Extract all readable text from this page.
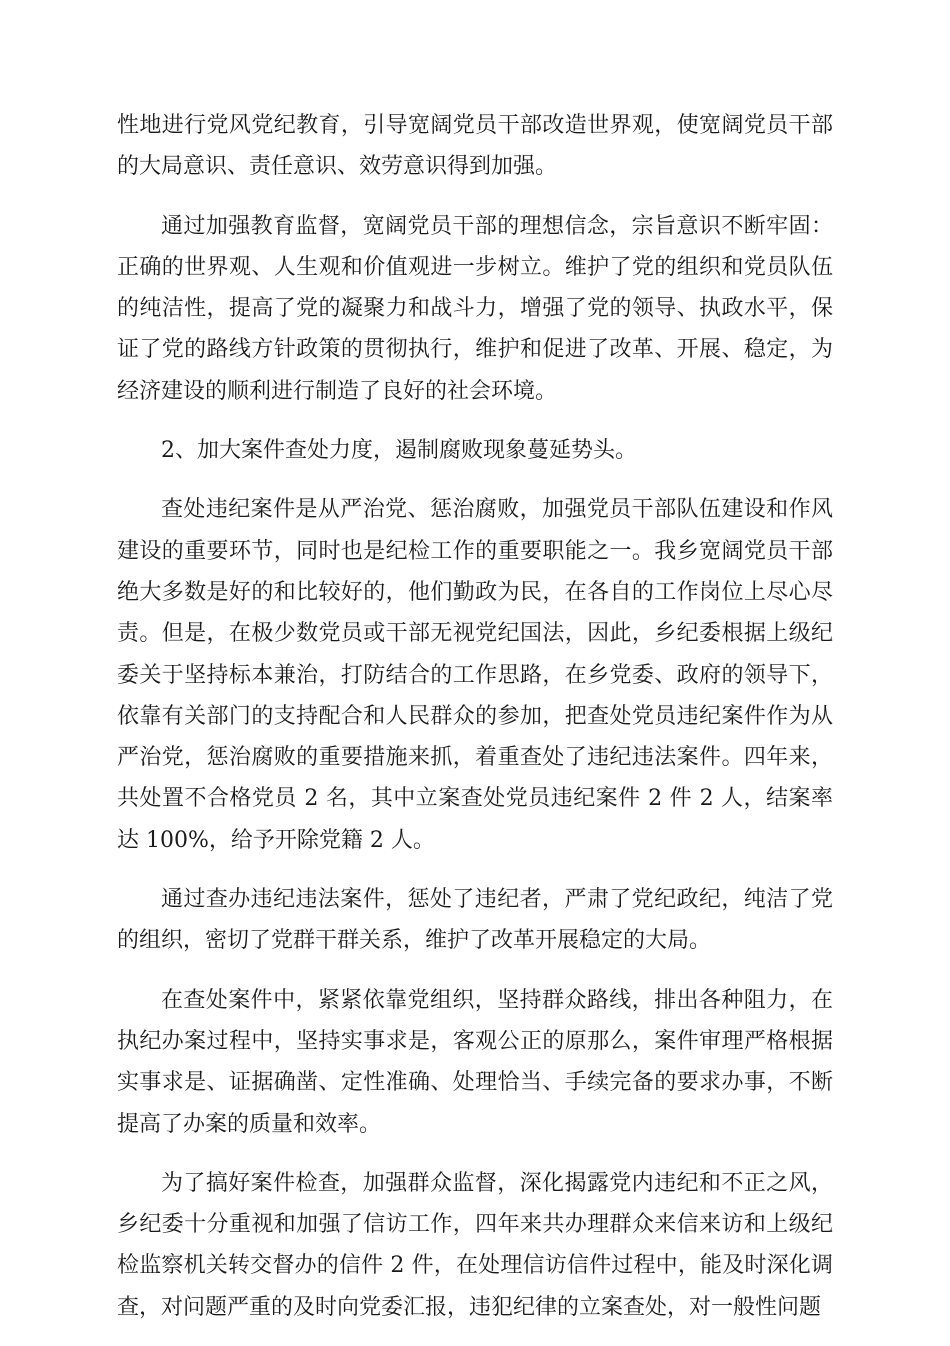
性地进行党风党纪教育，引导宽阔党员干部改造世界观，使宽阔党员干部的大局意识、责任意识、效劳意识得到加强。

通过加强教育监督，宽阔党员干部的理想信念，宗旨意识不断牢固：正确的世界观、人生观和价值观进一步树立。维护了党的组织和党员队伍的纯洁性，提高了党的凝聚力和战斗力，增强了党的领导、执政水平，保证了党的路线方针政策的贯彻执行，维护和促进了改革、开展、稳定，为经济建设的顺利进行制造了良好的社会环境。

2、加大案件查处力度，遏制腐败现象蔓延势头。

查处违纪案件是从严治党、惩治腐败，加强党员干部队伍建设和作风建设的重要环节，同时也是纪检工作的重要职能之一。我乡宽阔党员干部绝大多数是好的和比较好的，他们勤政为民，在各自的工作岗位上尽心尽责。但是，在极少数党员或干部无视党纪国法，因此，乡纪委根据上级纪委关于坚持标本兼治，打防结合的工作思路，在乡党委、政府的领导下，依靠有关部门的支持配合和人民群众的参加，把查处党员违纪案件作为从严治党，惩治腐败的重要措施来抓，着重查处了违纪违法案件。四年来，共处置不合格党员 2 名，其中立案查处党员违纪案件 2 件 2 人，结案率达 100%，给予开除党籍 2 人。

通过查办违纪违法案件，惩处了违纪者，严肃了党纪政纪，纯洁了党的组织，密切了党群干群关系，维护了改革开展稳定的大局。

在查处案件中，紧紧依靠党组织，坚持群众路线，排出各种阻力，在执纪办案过程中，坚持实事求是，客观公正的原那么，案件审理严格根据实事求是、证据确凿、定性准确、处理恰当、手续完备的要求办事，不断提高了办案的质量和效率。

为了搞好案件检查，加强群众监督，深化揭露党内违纪和不正之风，乡纪委十分重视和加强了信访工作，四年来共办理群众来信来访和上级纪检监察机关转交督办的信件 2 件，在处理信访信件过程中，能及时深化调查，对问题严重的及时向党委汇报，违犯纪律的立案查处，对一般性问题
